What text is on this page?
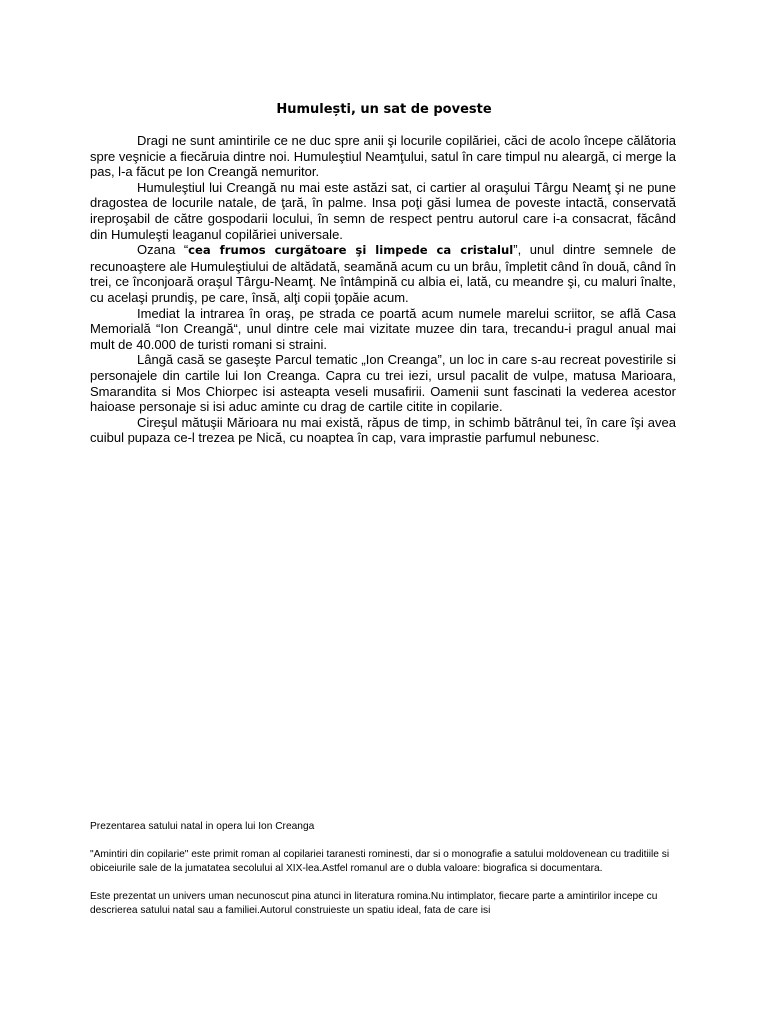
Humulești, un sat de poveste

Dragi ne sunt amintirile ce ne duc spre anii şi locurile copilăriei, căci de acolo începe călătoria spre veşnicie a fiecăruia dintre noi. Humuleştiul Neamţului, satul în care timpul nu aleargă, ci merge la pas, l-a făcut pe Ion Creangă nemuritor.

Humuleştiul lui Creangă nu mai este astăzi sat, ci cartier al oraşului Târgu Neamţ şi ne pune dragostea de locurile natale, de ţară, în palme. Insa poţi găsi lumea de poveste intactă, conservată ireproşabil de către gospodarii locului, în semn de respect pentru autorul care i-a consacrat, făcând din Humuleşti leaganul copilăriei universale.

Ozana “cea frumos curgătoare şi limpede ca cristalul”, unul dintre semnele de recunoaştere ale Humuleştiului de altădată, seamănă acum cu un brâu, împletit când în două, când în trei, ce înconjoară oraşul Târgu-Neamţ. Ne întâmpină cu albia ei, lată, cu meandre şi, cu maluri înalte, cu acelaşi prundiş, pe care, însă, alţi copii ţopăie acum.

Imediat la intrarea în oraş, pe strada ce poartă acum numele marelui scriitor, se află Casa Memorială “Ion Creangă“, unul dintre cele mai vizitate muzee din tara, trecandu-i pragul anual mai mult de 40.000 de turisti romani si straini.

Lângă casă se gaseşte Parcul tematic „Ion Creanga”, un loc in care s-au recreat povestirile si personajele din cartile lui Ion Creanga. Capra cu trei iezi, ursul pacalit de vulpe, matusa Marioara, Smarandita si Mos Chiorpec isi asteapta veseli musafirii. Oamenii sunt fascinati la vederea acestor haioase personaje si isi aduc aminte cu drag de cartile citite in copilarie.

Cireşul mătuşii Mărioara nu mai există, răpus de timp, in schimb bătrânul tei, în care îşi avea cuibul pupaza ce-l trezea pe Nică, cu noaptea în cap, vara imprastie parfumul nebunesc.

Prezentarea satului natal in opera lui Ion Creanga

"Amintiri din copilarie" este primit roman al copilariei taranesti rominesti, dar si o monografie a satului moldovenean cu traditiile si obiceiurile sale de la jumatatea secolului al XIX-lea.Astfel romanul are o dubla valoare: biografica si documentara.

Este prezentat un univers uman necunoscut pina atunci in literatura romina.Nu intimplator, fiecare parte a amintirilor incepe cu descrierea satului natal sau a familiei.Autorul construieste un spatiu ideal, fata de care isi
